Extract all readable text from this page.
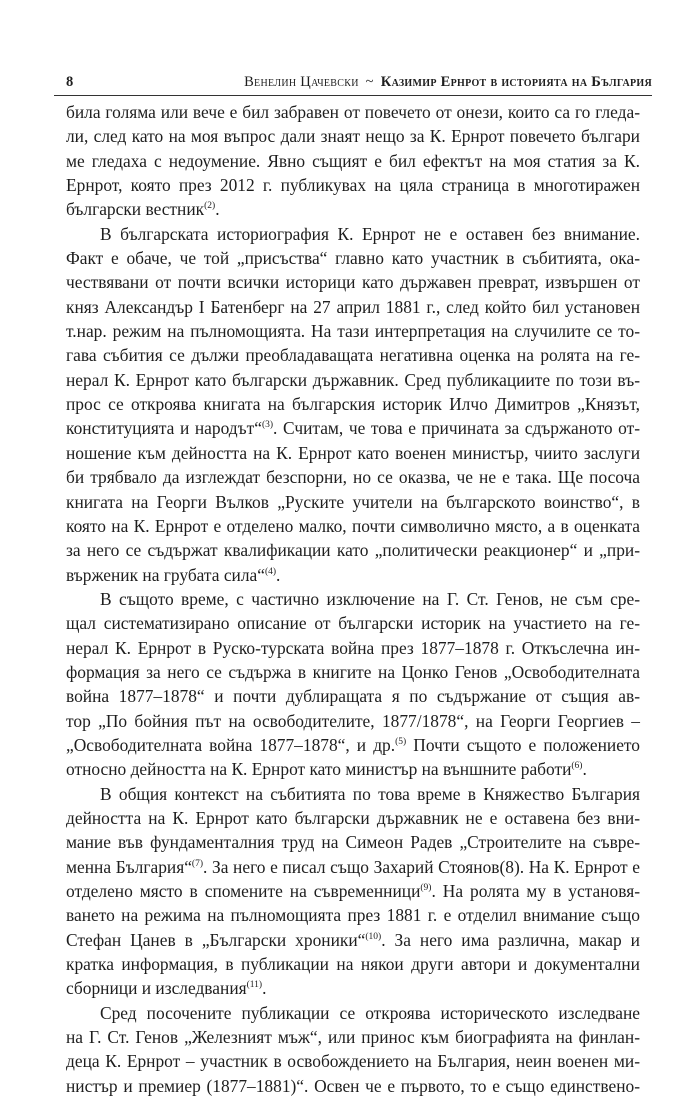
8	Венелин Цачевски ~ Казимир Ернрот в историята на България
била голяма или вече е бил забравен от повечето от онези, които са го гледа-
ли, след като на моя въпрос дали знаят нещо за К. Ернрот повечето българи
ме гледаха с недоумение. Явно същият е бил ефектът на моя статия за К.
Ернрот, която през 2012 г. публикувах на цяла страница в многотиражен
български вестник$^{(2)}$.
В българската историография К. Ернрот не е оставен без внимание.
Факт е обаче, че той „присъства“ главно като участник в събитията, ока-
чествявани от почти всички историци като държавен преврат, извършен от
княз Александър I Батенберг на 27 април 1881 г., след който бил установен
т.нар. режим на пълномощията. На тази интерпретация на случилите се то-
гава събития се дължи преобладаващата негативна оценка на ролята на ге-
нерал К. Ернрот като български държавник. Сред публикациите по този въ-
прос се откроява книгата на българския историк Илчо Димитров „Князът,
конституцията и народът“$^{(3)}$. Считам, че това е причината за сдържаното от-
ношение към дейността на К. Ернрот като военен министър, чиито заслуги
би трябвало да изглеждат безспорни, но се оказва, че не е така. Ще посоча
книгата на Георги Вълков „Руските учители на българското воинство“, в
която на К. Ернрот е отделено малко, почти символично място, а в оценката
за него се съдържат квалификации като „политически реакционер“ и „при-
върженик на грубата сила“$^{(4)}$.
В същото време, с частично изключение на Г. Ст. Генов, не съм сре-
щал систематизирано описание от български историк на участието на ге-
нерал К. Ернрот в Руско-турската война през 1877–1878 г. Откъслечна ин-
формация за него се съдържа в книгите на Цонко Генов „Освободителната
война 1877–1878“ и почти дублиращата я по съдържание от същия ав-
тор „По бойния път на освободителите, 1877/1878“, на Георги Георгиев –
„Освободителната война 1877–1878“, и др.$^{(5)}$ Почти същото е положението
относно дейността на К. Ернрот като министър на външните работи$^{(6)}$.
В общия контекст на събитията по това време в Княжество България
дейността на К. Ернрот като български държавник не е оставена без вни-
мание във фундаменталния труд на Симеон Радев „Строителите на съвре-
менна България“$^{(7)}$. За него е писал също Захарий Стоянов(8). На К. Ернрот е
отделено място в спомените на съвременници$^{(9)}$. На ролята му в установя-
ването на режима на пълномощията през 1881 г. е отделил внимание също
Стефан Цанев в „Български хроники“$^{(10)}$. За него има различна, макар и
кратка информация, в публикации на някои други автори и документални
сборници и изследвания$^{(11)}$.
Сред посочените публикации се откроява историческото изследване
на Г. Ст. Генов „Железният мъж“, или принос към биографията на финлан-
деца К. Ернрот – участник в освобождението на България, неин военен ми-
нистър и премиер (1877–1881)“. Освен че е първото, то е също единствено-
